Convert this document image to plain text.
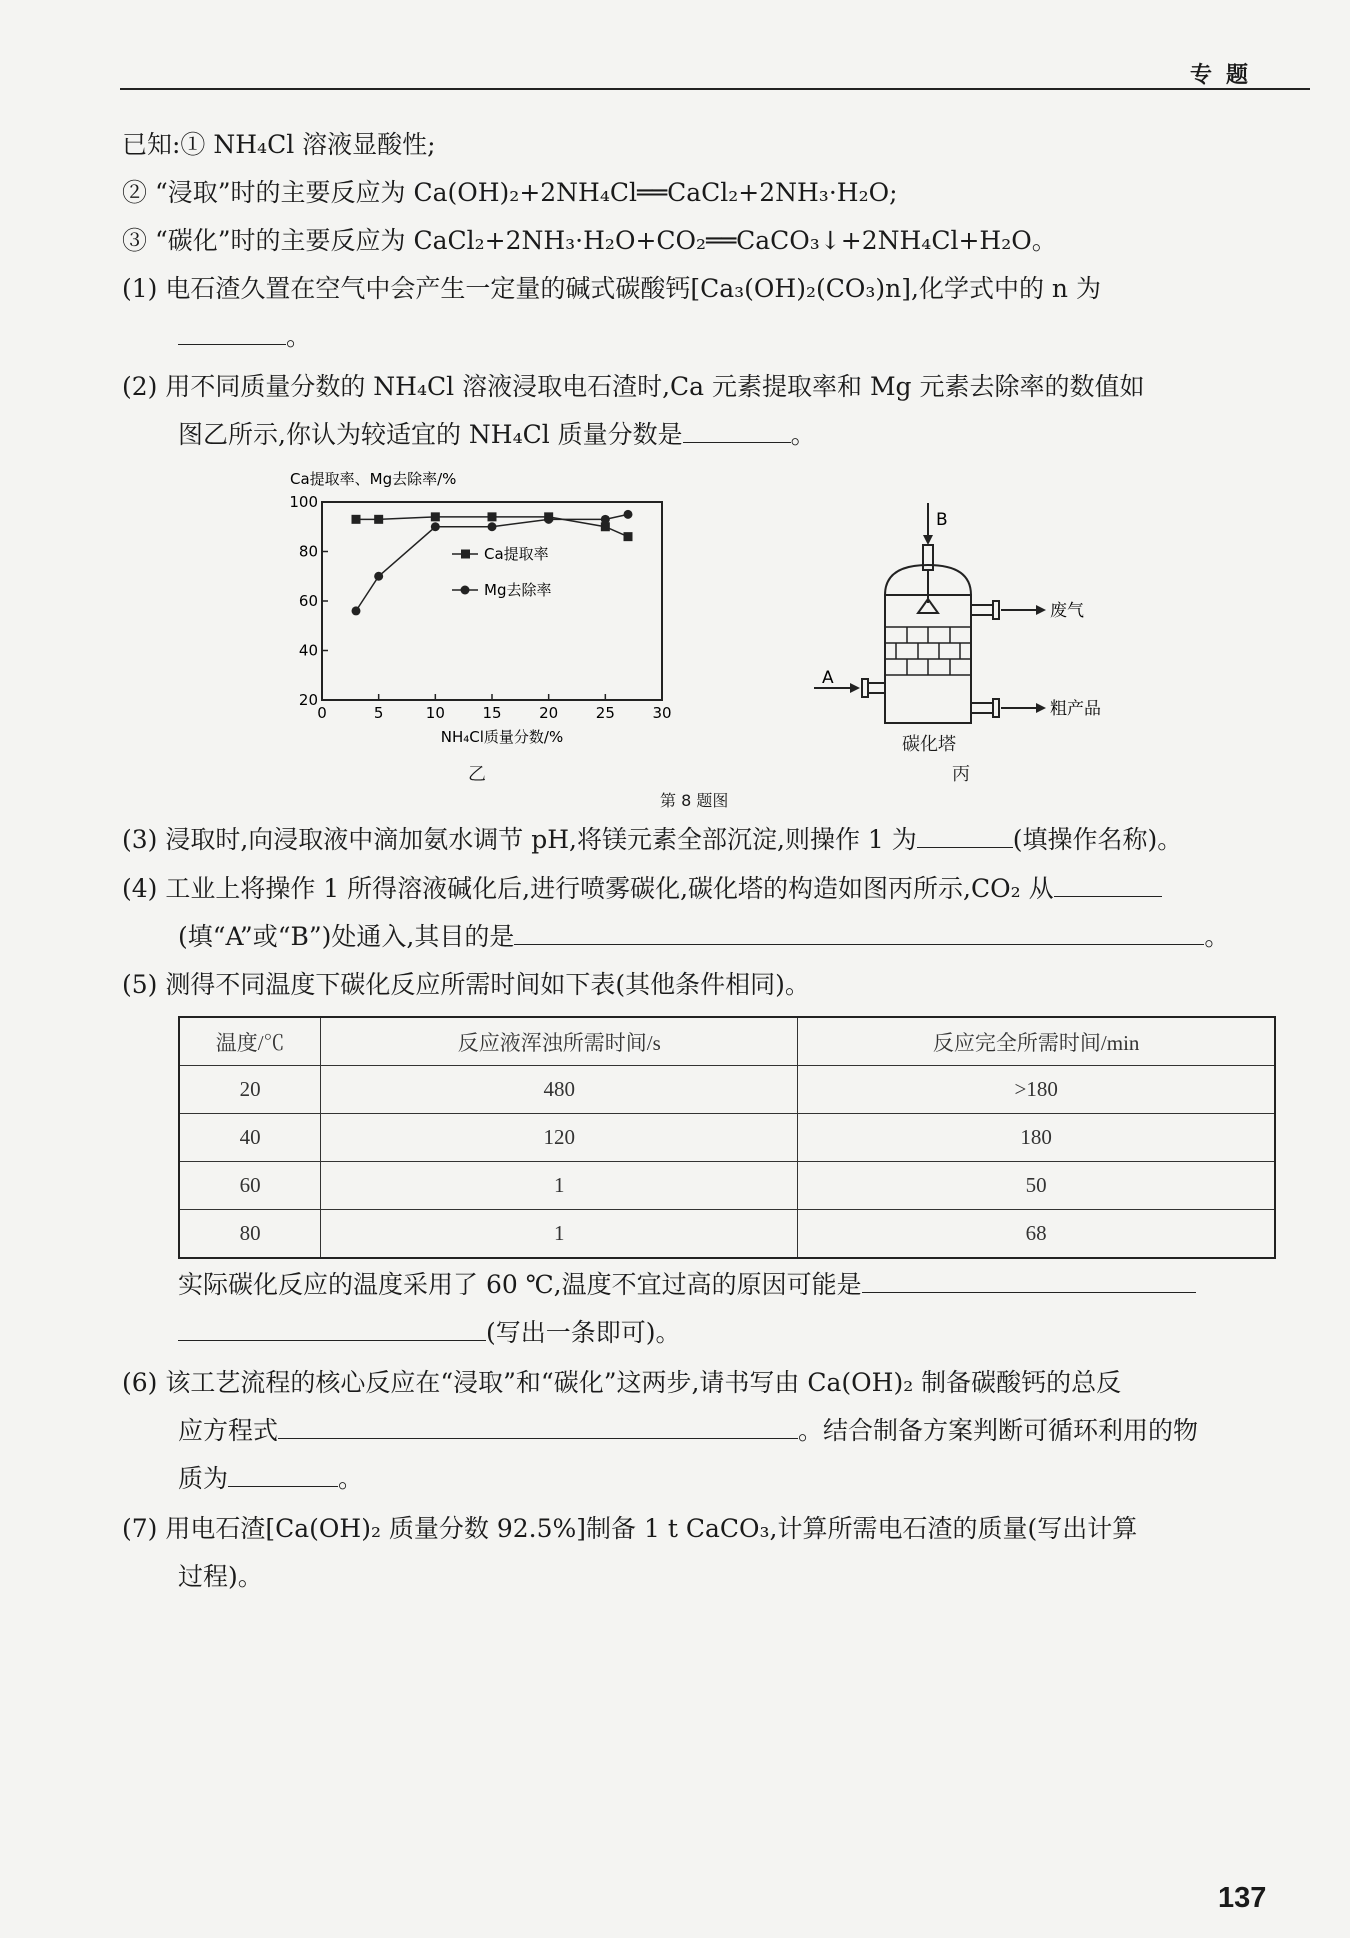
专题
已知:① NH₄Cl 溶液显酸性;
② “浸取”时的主要反应为 Ca(OH)₂+2NH₄Cl══CaCl₂+2NH₃·H₂O;
③ “碳化”时的主要反应为 CaCl₂+2NH₃·H₂O+CO₂══CaCO₃↓+2NH₄Cl+H₂O。
(1) 电石渣久置在空气中会产生一定量的碱式碳酸钙[Ca₃(OH)₂(CO₃)n],化学式中的 n 为
。
(2) 用不同质量分数的 NH₄Cl 溶液浸取电石渣时,Ca 元素提取率和 Mg 元素去除率的数值如
图乙所示,你认为较适宜的 NH₄Cl 质量分数是	。
Ca提取率、Mg去除率/%
20
40
60
80
100
0	5	10	15	20	25	30
NH₄Cl质量分数/%
Ca提取率
Mg去除率
乙
B
废气
A
粗产品
碳化塔
丙
第 8 题图
(3) 浸取时,向浸取液中滴加氨水调节 pH,将镁元素全部沉淀,则操作 1 为	(填操作名称)。
(4) 工业上将操作 1 所得溶液碱化后,进行喷雾碳化,碳化塔的构造如图丙所示,CO₂ 从
(填“A”或“B”)处通入,其目的是	。
(5) 测得不同温度下碳化反应所需时间如下表(其他条件相同)。
温度/℃	反应液浑浊所需时间/s	反应完全所需时间/min
20	480	>180
40	120	180
60	1	50
80	1	68
实际碳化反应的温度采用了 60 ℃,温度不宜过高的原因可能是
(写出一条即可)。
(6) 该工艺流程的核心反应在“浸取”和“碳化”这两步,请书写由 Ca(OH)₂ 制备碳酸钙的总反
应方程式	。结合制备方案判断可循环利用的物
质为	。
(7) 用电石渣[Ca(OH)₂ 质量分数 92.5%]制备 1 t CaCO₃,计算所需电石渣的质量(写出计算
过程)。
137
